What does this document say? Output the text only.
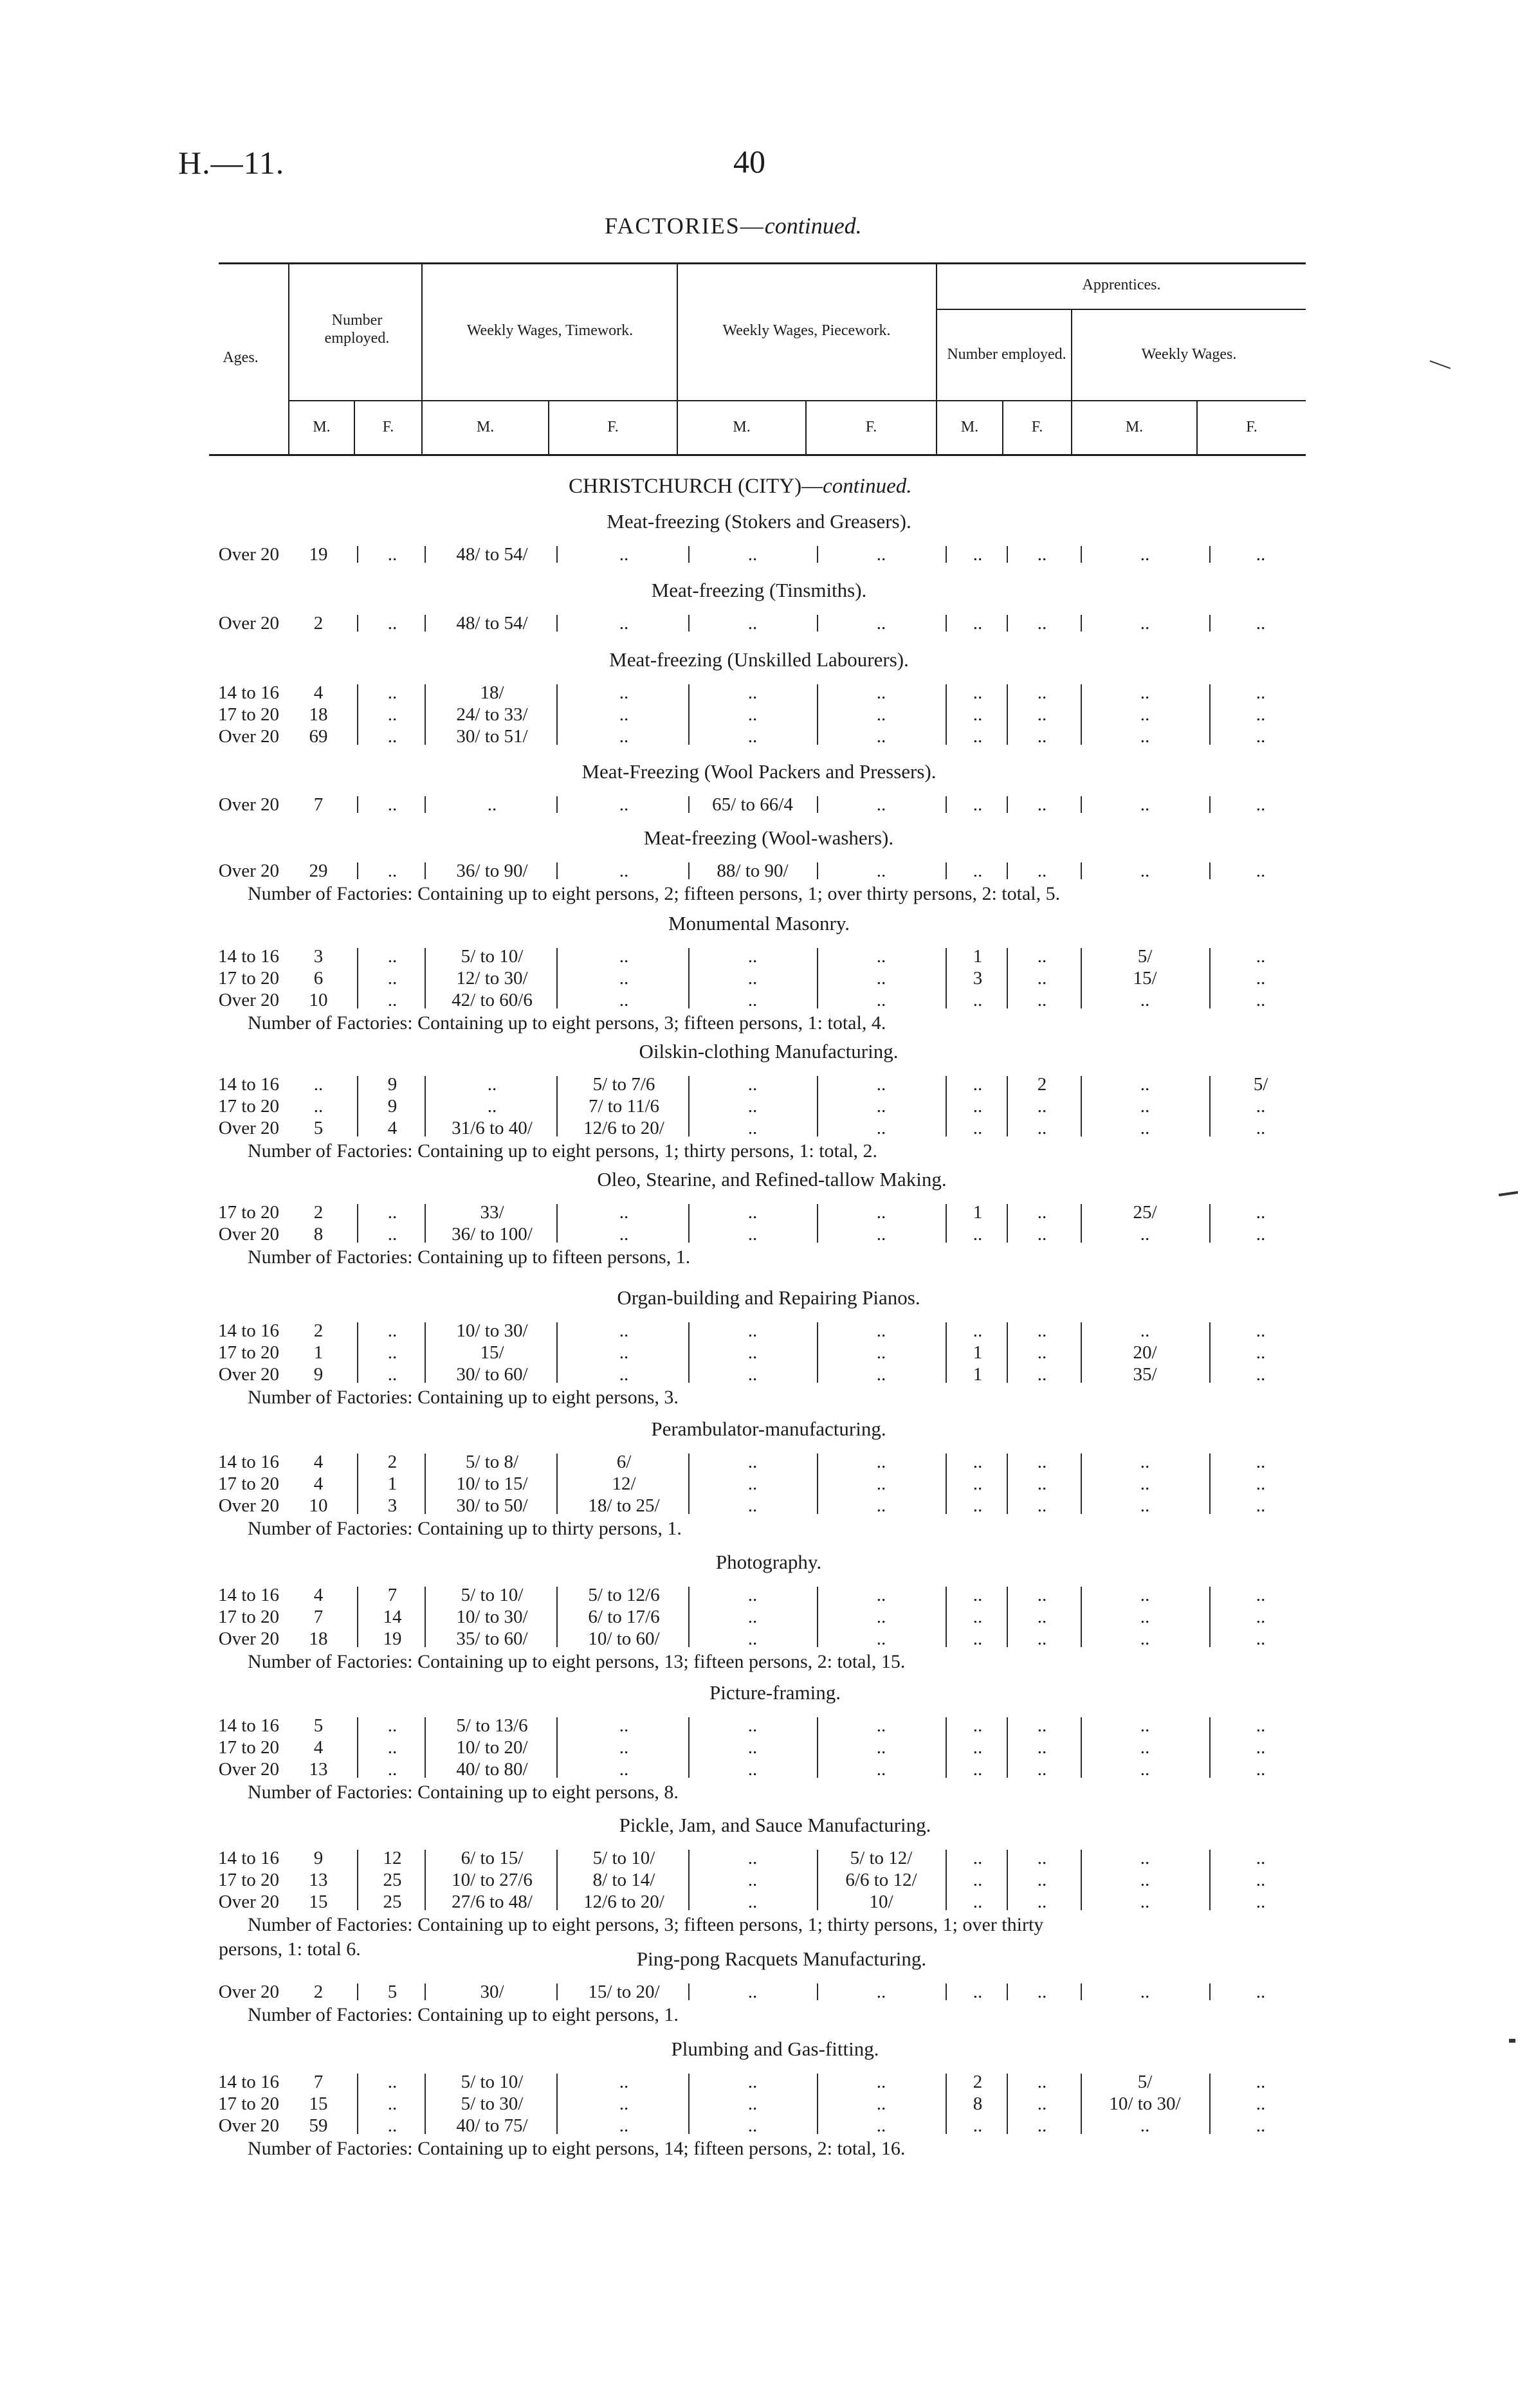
H.—11.	40
FACTORIES—continued.
Ages.
Number employed.	Weekly Wages, Timework.	Weekly Wages, Piecework.
Apprentices.
Number employed.	Weekly Wages.
M.	F.	M.	F.	M.	F.	M.	F.	M.	F.
CHRISTCHURCH (CITY)—continued.
Meat-freezing (Stokers and Greasers).
Over 20	19	..	48/ to 54/	..	..	..	..	..	..	..
Meat-freezing (Tinsmiths).
Over 20	2	..	48/ to 54/	..	..	..	..	..	..	..
Meat-freezing (Unskilled Labourers).
14 to 16	4	..	18/	..	..	..	..	..	..	..
17 to 20	18	..	24/ to 33/	..	..	..	..	..	..	..
Over 20	69	..	30/ to 51/	..	..	..	..	..	..	..
Meat-Freezing (Wool Packers and Pressers).
Over 20	7	..	..	..	65/ to 66/4	..	..	..	..	..
Meat-freezing (Wool-washers).
Over 20	29	..	36/ to 90/	..	88/ to 90/	..	..	..	..	..
Number of Factories: Containing up to eight persons, 2; fifteen persons, 1; over thirty persons, 2: total, 5.
Monumental Masonry.
14 to 16	3	..	5/ to 10/	..	..	..	1	..	5/	..
17 to 20	6	..	12/ to 30/	..	..	..	3	..	15/	..
Over 20	10	..	42/ to 60/6	..	..	..	..	..	..	..
Number of Factories: Containing up to eight persons, 3; fifteen persons, 1: total, 4.
Oilskin-clothing Manufacturing.
14 to 16	..	9	..	5/ to 7/6	..	..	..	2	..	5/
17 to 20	..	9	..	7/ to 11/6	..	..	..	..	..	..
Over 20	5	4	31/6 to 40/	12/6 to 20/	..	..	..	..	..	..
Number of Factories: Containing up to eight persons, 1; thirty persons, 1: total, 2.
Oleo, Stearine, and Refined-tallow Making.
17 to 20	2	..	33/	..	..	..	1	..	25/	..
Over 20	8	..	36/ to 100/	..	..	..	..	..	..	..
Number of Factories: Containing up to fifteen persons, 1.
Organ-building and Repairing Pianos.
14 to 16	2	..	10/ to 30/	..	..	..	..	..	..	..
17 to 20	1	..	15/	..	..	..	1	..	20/	..
Over 20	9	..	30/ to 60/	..	..	..	1	..	35/	..
Number of Factories: Containing up to eight persons, 3.
Perambulator-manufacturing.
14 to 16	4	2	5/ to 8/	6/	..	..	..	..	..	..
17 to 20	4	1	10/ to 15/	12/	..	..	..	..	..	..
Over 20	10	3	30/ to 50/	18/ to 25/	..	..	..	..	..	..
Number of Factories: Containing up to thirty persons, 1.
Photography.
14 to 16	4	7	5/ to 10/	5/ to 12/6	..	..	..	..	..	..
17 to 20	7	14	10/ to 30/	6/ to 17/6	..	..	..	..	..	..
Over 20	18	19	35/ to 60/	10/ to 60/	..	..	..	..	..	..
Number of Factories: Containing up to eight persons, 13; fifteen persons, 2: total, 15.
Picture-framing.
14 to 16	5	..	5/ to 13/6	..	..	..	..	..	..	..
17 to 20	4	..	10/ to 20/	..	..	..	..	..	..	..
Over 20	13	..	40/ to 80/	..	..	..	..	..	..	..
Number of Factories: Containing up to eight persons, 8.
Pickle, Jam, and Sauce Manufacturing.
14 to 16	9	12	6/ to 15/	5/ to 10/	..	5/ to 12/	..	..	..	..
17 to 20	13	25	10/ to 27/6	8/ to 14/	..	6/6 to 12/	..	..	..	..
Over 20	15	25	27/6 to 48/	12/6 to 20/	..	10/	..	..	..	..
Number of Factories: Containing up to eight persons, 3; fifteen persons, 1; thirty persons, 1; over thirty
persons, 1: total 6.	Ping-pong Racquets Manufacturing.
Over 20	2	5	30/	15/ to 20/	..	..	..	..	..	..
Number of Factories: Containing up to eight persons, 1.
Plumbing and Gas-fitting.
14 to 16	7	..	5/ to 10/	..	..	..	2	..	5/	..
17 to 20	15	..	5/ to 30/	..	..	..	8	..	10/ to 30/	..
Over 20	59	..	40/ to 75/	..	..	..	..	..	..	..
Number of Factories: Containing up to eight persons, 14; fifteen persons, 2: total, 16.
